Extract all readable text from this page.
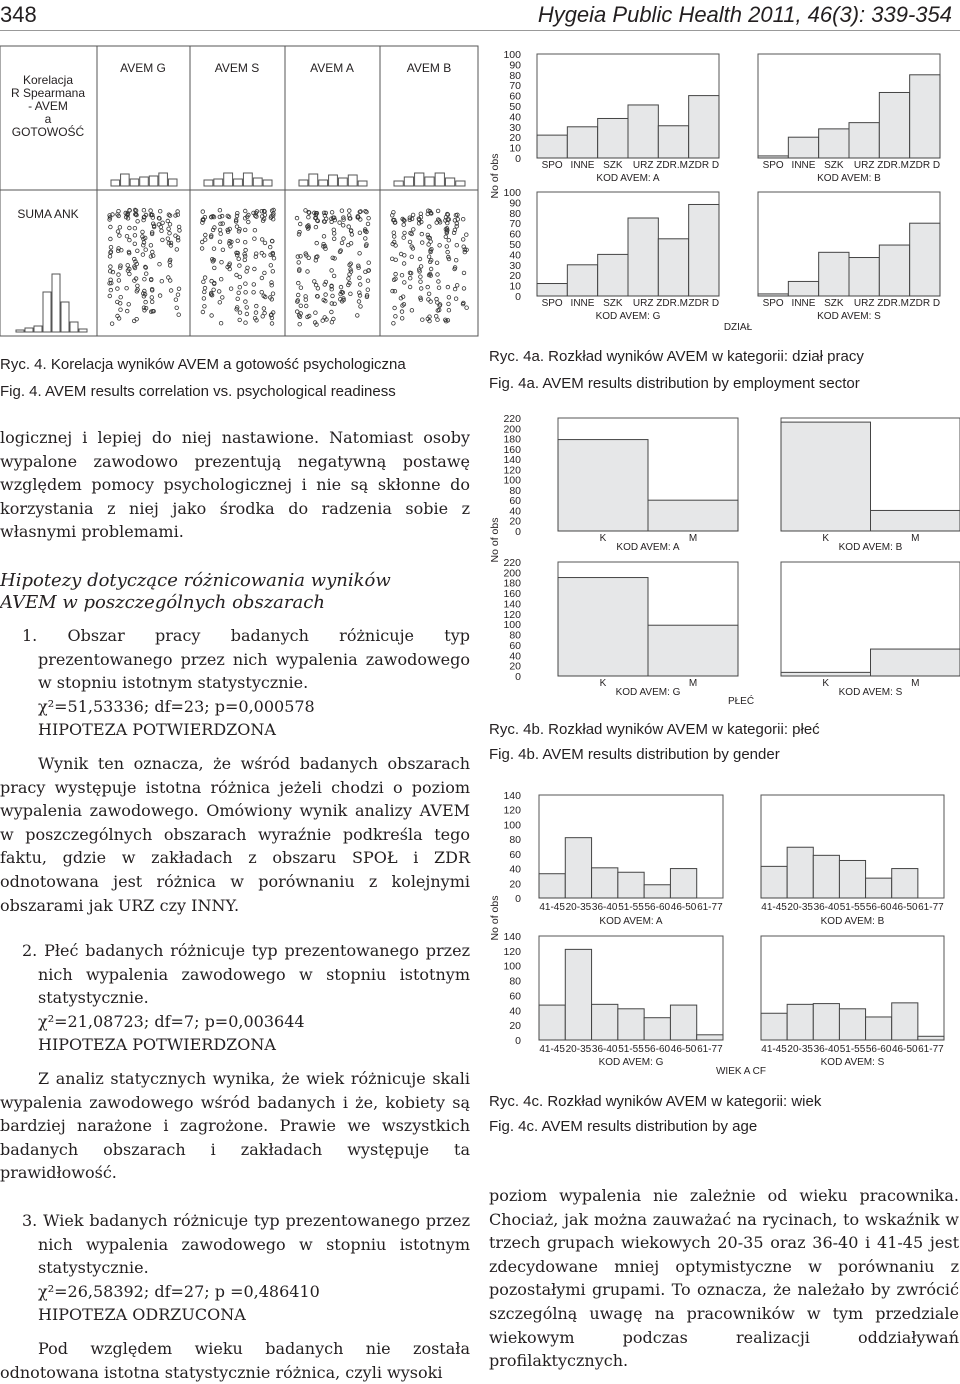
348	Hygeia Public Health 2011, 46(3): 339-354
Korelacja
R Spearmana
- AVEM
a
GOTOWOŚĆ
AVEM G	AVEM S	AVEM A	AVEM B
SUMA ANK
Ryc. 4. Korelacja wyników AVEM a gotowość psychologiczna
Fig. 4. AVEM results correlation vs. psychological readiness
100
90
80
70
60
50
40
30
20
10
0
100
90
80
70
60
50
40
30
20
10
0
No of obs
DZIAŁ
SPO INNE SZK URZ ZDR.M.
ZDR D
KOD AVEM: A
SPO INNE SZK URZ ZDR.M.
ZDR D
KOD AVEM: B
SPO INNE SZK URZ ZDR.M.
ZDR D
KOD AVEM: G
SPO INNE SZK URZ ZDR.M.
ZDR D
KOD AVEM: S
220
200
180
160
140
120
100
80
60
40
20
0
220
200
180
160
140
120
100
80
60
40
20
0
No of obs
PŁEĆ
K	M
KOD AVEM: A
K	M
KOD AVEM: B
K	M
KOD AVEM: G
K	M
KOD AVEM: S
140
120
100
80
60
40
20
0
140
120
100
80
60
40
20
0
No of obs
WIEK A CF
41-45 20-35 36-40 51-55 56-60 46-50 61-77
KOD AVEM: A
41-45 20-35 36-40 51-55 56-60 46-50 61-77
KOD AVEM: B
41-45 20-35 36-40 51-55 56-60 46-50 61-77
KOD AVEM: G
41-45 20-35 36-40 51-55 56-60 46-50 61-77
KOD AVEM: S
Ryc. 4a. Rozkład wyników AVEM w kategorii: dział pracy
Fig. 4a. AVEM results distribution by employment sector
Ryc. 4b. Rozkład wyników AVEM w kategorii: płeć
Fig. 4b. AVEM results distribution by gender
Ryc. 4c. Rozkład wyników AVEM w kategorii: wiek
Fig. 4c. AVEM results distribution by age

logicznej i lepiej do niej nastawione. Natomiast osoby wypalone zawodowo prezentują negatywną postawę względem pomocy psychologicznej i nie są skłonne do korzystania z niej jako środka do radzenia sobie z własnymi problemami.

Hipotezy dotyczące różnicowania wyników

AVEM w poszczególnych obszarach

1. Obszar pracy badanych różnicuje typ prezentowanego przez nich wypalenia zawodowego w stopniu istotnym statystycznie.

χ²=51,53336; df=23; p=0,000578

HIPOTEZA POTWIERDZONA

Wynik ten oznacza, że wśród badanych obszarach pracy występuje istotna różnica jeżeli chodzi o poziom wypalenia zawodowego. Omówiony wynik analizy AVEM w poszczególnych obszarach wyraźnie podkreśla tego faktu, gdzie w zakładach z obszaru SPOŁ i ZDR odnotowana jest różnica w porównaniu z kolejnymi obszarami jak URZ czy INNY.

2. Płeć badanych różnicuje typ prezentowanego przez nich wypalenia zawodowego w stopniu istotnym statystycznie.

χ²=21,08723; df=7; p=0,003644

HIPOTEZA POTWIERDZONA

Z analiz statycznych wynika, że wiek różnicuje skali wypalenia zawodowego wśród badanych i że, kobiety są bardziej narażone i zagrożone. Prawie we wszystkich badanych obszarach i zakładach występuje ta prawidłowość.

3. Wiek badanych różnicuje typ prezentowanego przez nich wypalenia zawodowego w stopniu istotnym statystycznie.

χ²=26,58392; df=27; p =0,486410

HIPOTEZA ODRZUCONA

Pod względem wieku badanych nie została odnotowana istotna statystycznie różnica, czyli wysoki

poziom wypalenia nie zależnie od wieku pracownika. Chociaż, jak można zauważać na rycinach, to wskaźnik w trzech grupach wiekowych 20-35 oraz 36-40 i 41-45 jest zdecydowane mniej optymistyczne w porównaniu z pozostałymi grupami. To oznacza, że należało by zwrócić szczególną uwagę na pracowników w tym przedziale wiekowym podczas realizacji oddziaływań profilaktycznych.
